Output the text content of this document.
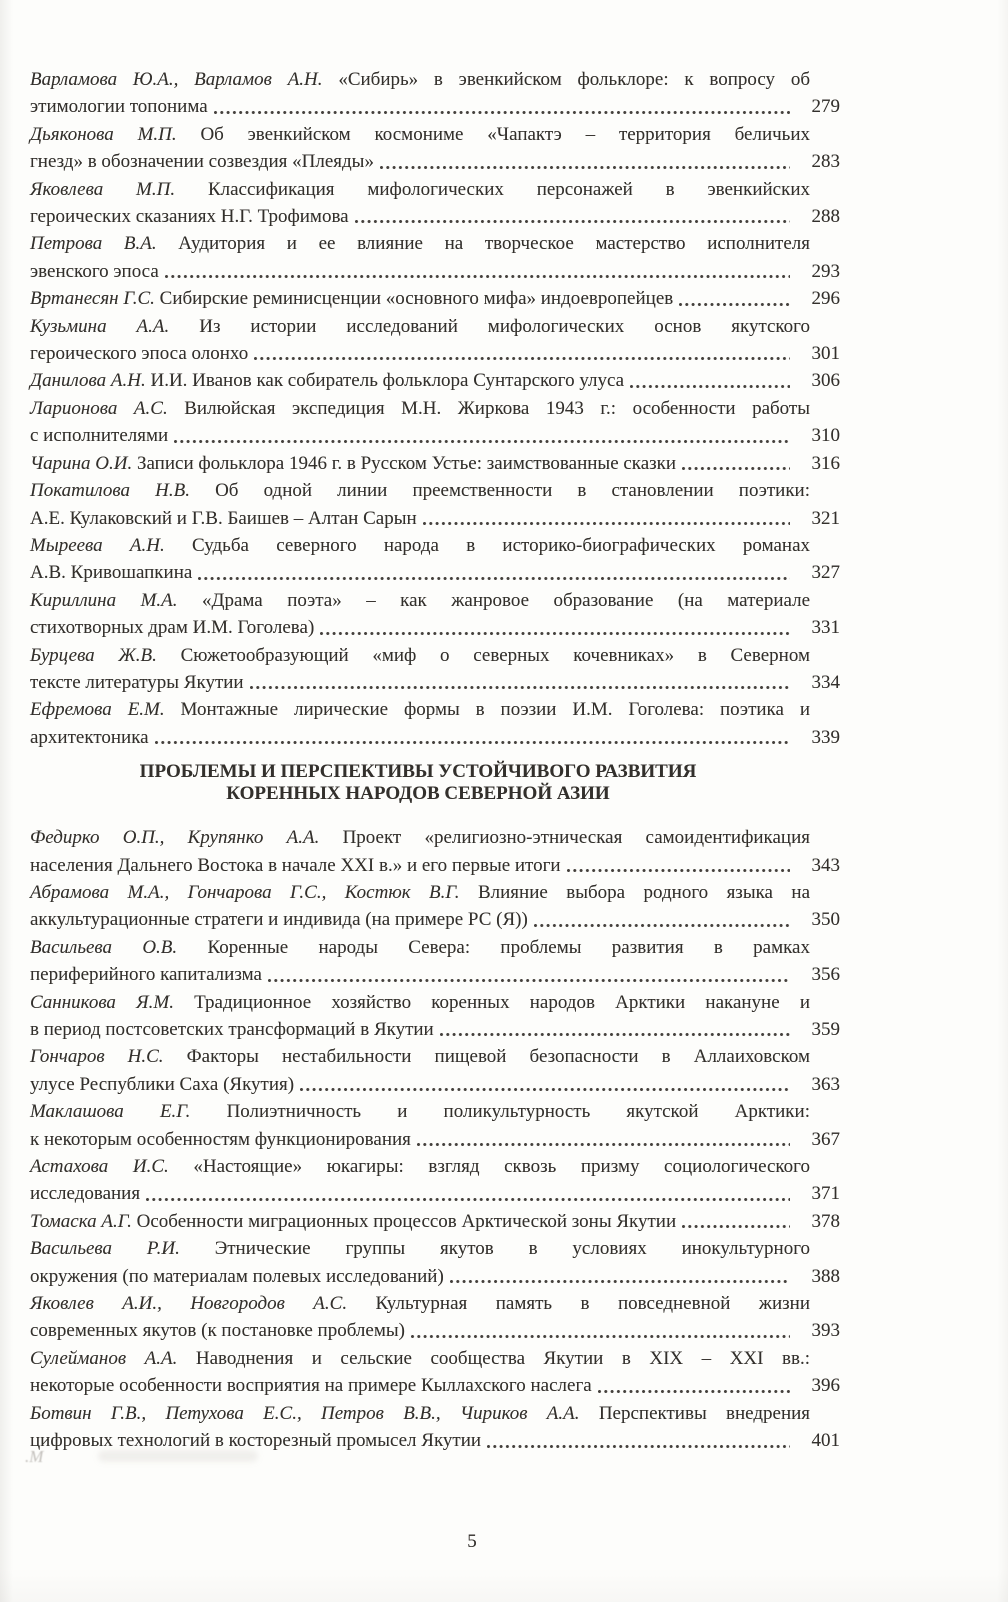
Варламова Ю.А., Варламов А.Н. «Сибирь» в эвенкийском фольклоре: к вопросу об
этимологии топонима	279
Дьяконова М.П. Об эвенкийском космониме «Чапактэ – территория беличьих
гнезд» в обозначении созвездия «Плеяды»	283
Яковлева М.П. Классификация мифологических персонажей в эвенкийских
героических сказаниях Н.Г. Трофимова	288
Петрова В.А. Аудитория и ее влияние на творческое мастерство исполнителя
эвенского эпоса	293
Вртанесян Г.С. Сибирские реминисценции «основного мифа» индоевропейцев	296
Кузьмина А.А. Из истории исследований мифологических основ якутского
героического эпоса олонхо	301
Данилова А.Н. И.И. Иванов как собиратель фольклора Сунтарского улуса	306
Ларионова А.С. Вилюйская экспедиция М.Н. Жиркова 1943 г.: особенности работы
с исполнителями	310
Чарина О.И. Записи фольклора 1946 г. в Русском Устье: заимствованные сказки	316
Покатилова Н.В. Об одной линии преемственности в становлении поэтики:
А.Е. Кулаковский и Г.В. Баишев – Алтан Сарын	321
Мыреева А.Н. Судьба северного народа в историко-биографических романах
А.В. Кривошапкина	327
Кириллина М.А. «Драма поэта» – как жанровое образование (на материале
стихотворных драм И.М. Гоголева)	331
Бурцева Ж.В. Сюжетообразующий «миф о северных кочевниках» в Северном
тексте литературы Якутии	334
Ефремова Е.М. Монтажные лирические формы в поэзии И.М. Гоголева: поэтика и
архитектоника	339
ПРОБЛЕМЫ И ПЕРСПЕКТИВЫ УСТОЙЧИВОГО РАЗВИТИЯ
КОРЕННЫХ НАРОДОВ СЕВЕРНОЙ АЗИИ
Федирко О.П., Крупянко А.А. Проект «религиозно-этническая самоидентификация
населения Дальнего Востока в начале XXI в.» и его первые итоги	343
Абрамова М.А., Гончарова Г.С., Костюк В.Г. Влияние выбора родного языка на
аккультурационные стратеги и индивида (на примере РС (Я))	350
Васильева О.В. Коренные народы Севера: проблемы развития в рамках
периферийного капитализма	356
Санникова Я.М. Традиционное хозяйство коренных народов Арктики накануне и
в период постсоветских трансформаций в Якутии	359
Гончаров Н.С. Факторы нестабильности пищевой безопасности в Аллаиховском
улусе Республики Саха (Якутия)	363
Маклашова Е.Г. Полиэтничность и поликультурность якутской Арктики:
к некоторым особенностям функционирования	367
Астахова И.С. «Настоящие» юкагиры: взгляд сквозь призму социологического
исследования	371
Томаска А.Г. Особенности миграционных процессов Арктической зоны Якутии	378
Васильева Р.И. Этнические группы якутов в условиях инокультурного
окружения (по материалам полевых исследований)	388
Яковлев А.И., Новгородов А.С. Культурная память в повседневной жизни
современных якутов (к постановке проблемы)	393
Сулейманов А.А. Наводнения и сельские сообщества Якутии в XIX – XXI вв.:
некоторые особенности восприятия на примере Кыллахского наслега	396
Ботвин Г.В., Петухова Е.С., Петров В.В., Чириков А.А. Перспективы внедрения
цифровых технологий в косторезный промысел Якутии	401
5
.М
